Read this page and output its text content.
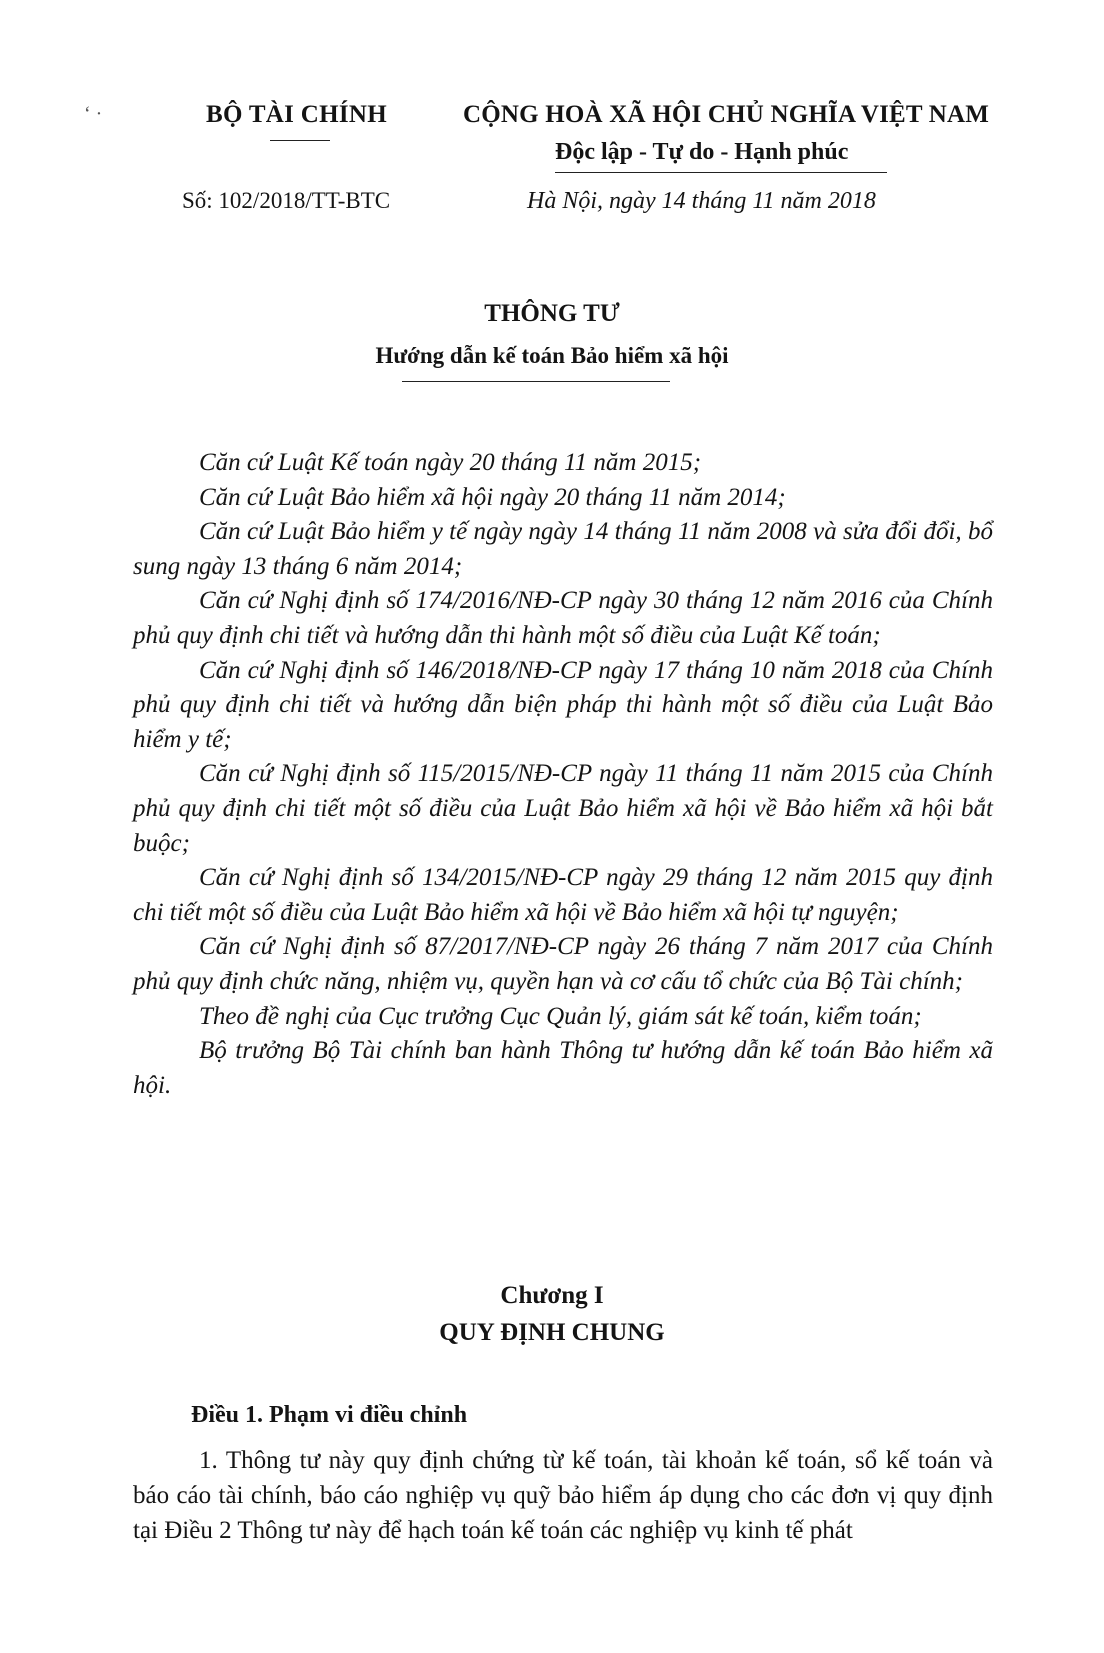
‘ ·	BỘ TÀI CHÍNH
Số: 102/2018/TT-BTC
CỘNG HOÀ XÃ HỘI CHỦ NGHĨA VIỆT NAM
Độc lập - Tự do - Hạnh phúc
Hà Nội, ngày 14 tháng 11 năm 2018
THÔNG TƯ
Hướng dẫn kế toán Bảo hiểm xã hội

Căn cứ Luật Kế toán ngày 20 tháng 11 năm 2015;

Căn cứ Luật Bảo hiểm xã hội ngày 20 tháng 11 năm 2014;

Căn cứ Luật Bảo hiểm y tế ngày ngày 14 tháng 11 năm 2008 và sửa đổi đổi, bổ sung ngày 13 tháng 6 năm 2014;

Căn cứ Nghị định số 174/2016/NĐ-CP ngày 30 tháng 12 năm 2016 của Chính phủ quy định chi tiết và hướng dẫn thi hành một số điều của Luật Kế toán;

Căn cứ Nghị định số 146/2018/NĐ-CP ngày 17 tháng 10 năm 2018 của Chính phủ quy định chi tiết và hướng dẫn biện pháp thi hành một số điều của Luật Bảo hiểm y tế;

Căn cứ Nghị định số 115/2015/NĐ-CP ngày 11 tháng 11 năm 2015 của Chính phủ quy định chi tiết một số điều của Luật Bảo hiểm xã hội về Bảo hiểm xã hội bắt buộc;

Căn cứ Nghị định số 134/2015/NĐ-CP ngày 29 tháng 12 năm 2015 quy định chi tiết một số điều của Luật Bảo hiểm xã hội về Bảo hiểm xã hội tự nguyện;

Căn cứ Nghị định số 87/2017/NĐ-CP ngày 26 tháng 7 năm 2017 của Chính phủ quy định chức năng, nhiệm vụ, quyền hạn và cơ cấu tổ chức của Bộ Tài chính;

Theo đề nghị của Cục trưởng Cục Quản lý, giám sát kế toán, kiểm toán;

Bộ trưởng Bộ Tài chính ban hành Thông tư hướng dẫn kế toán Bảo hiểm xã hội.

Chương I
QUY ĐỊNH CHUNG
Điều 1. Phạm vi điều chỉnh

1. Thông tư này quy định chứng từ kế toán, tài khoản kế toán, sổ kế toán và báo cáo tài chính, báo cáo nghiệp vụ quỹ bảo hiểm áp dụng cho các đơn vị quy định tại Điều 2 Thông tư này để hạch toán kế toán các nghiệp vụ kinh tế phát
